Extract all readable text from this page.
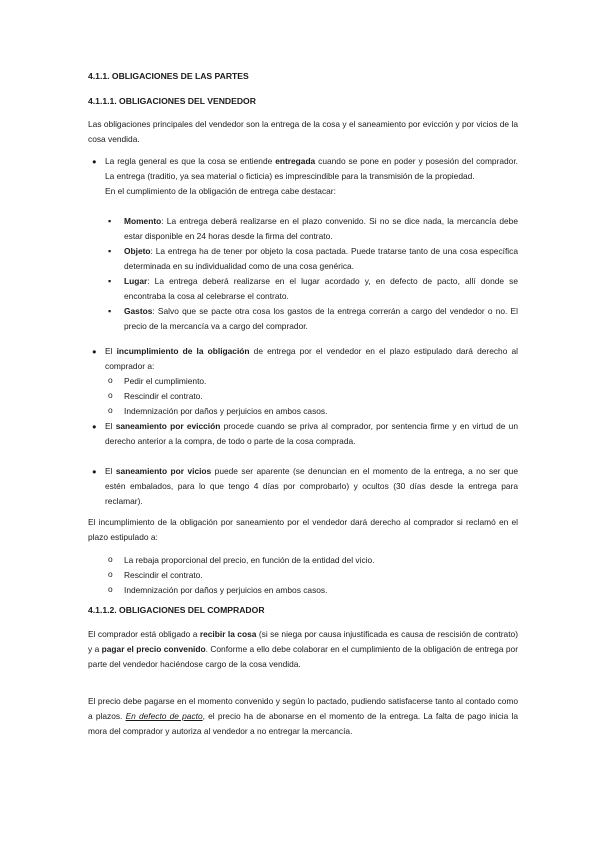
4.1.1. OBLIGACIONES DE LAS PARTES
4.1.1.1. OBLIGACIONES DEL VENDEDOR
Las obligaciones principales del vendedor son la entrega de la cosa y el saneamiento por evicción y por vicios de la cosa vendida.
● La regla general es que la cosa se entiende entregada cuando se pone en poder y posesión del comprador. La entrega (traditio, ya sea material o ficticia) es imprescindible para la transmisión de la propiedad.
En el cumplimiento de la obligación de entrega cabe destacar:
▪ Momento: La entrega deberá realizarse en el plazo convenido. Si no se dice nada, la mercancía debe estar disponible en 24 horas desde la firma del contrato.
▪ Objeto: La entrega ha de tener por objeto la cosa pactada. Puede tratarse tanto de una cosa específica determinada en su individualidad como de una cosa genérica.
▪ Lugar: La entrega deberá realizarse en el lugar acordado y, en defecto de pacto, allí donde se encontraba la cosa al celebrarse el contrato.
▪ Gastos: Salvo que se pacte otra cosa los gastos de la entrega correrán a cargo del vendedor o no. El precio de la mercancía va a cargo del comprador.
● El incumplimiento de la obligación de entrega por el vendedor en el plazo estipulado dará derecho al comprador a:
o Pedir el cumplimiento.
o Rescindir el contrato.
o Indemnización por daños y perjuicios en ambos casos.
● El saneamiento por evicción procede cuando se priva al comprador, por sentencia firme y en virtud de un derecho anterior a la compra, de todo o parte de la cosa comprada.
● El saneamiento por vicios puede ser aparente (se denuncian en el momento de la entrega, a no ser que estén embalados, para lo que tengo 4 días por comprobarlo) y ocultos (30 días desde la entrega para reclamar).
El incumplimiento de la obligación por saneamiento por el vendedor dará derecho al comprador si reclamó en el plazo estipulado a:
o La rebaja proporcional del precio, en función de la entidad del vicio.
o Rescindir el contrato.
o Indemnización por daños y perjuicios en ambos casos.
4.1.1.2. OBLIGACIONES DEL COMPRADOR
El comprador está obligado a recibir la cosa (si se niega por causa injustificada es causa de rescisión de contrato) y a pagar el precio convenido. Conforme a ello debe colaborar en el cumplimiento de la obligación de entrega por parte del vendedor haciéndose cargo de la cosa vendida.
El precio debe pagarse en el momento convenido y según lo pactado, pudiendo satisfacerse tanto al contado como a plazos. En defecto de pacto, el precio ha de abonarse en el momento de la entrega. La falta de pago inicia la mora del comprador y autoriza al vendedor a no entregar la mercancía.
